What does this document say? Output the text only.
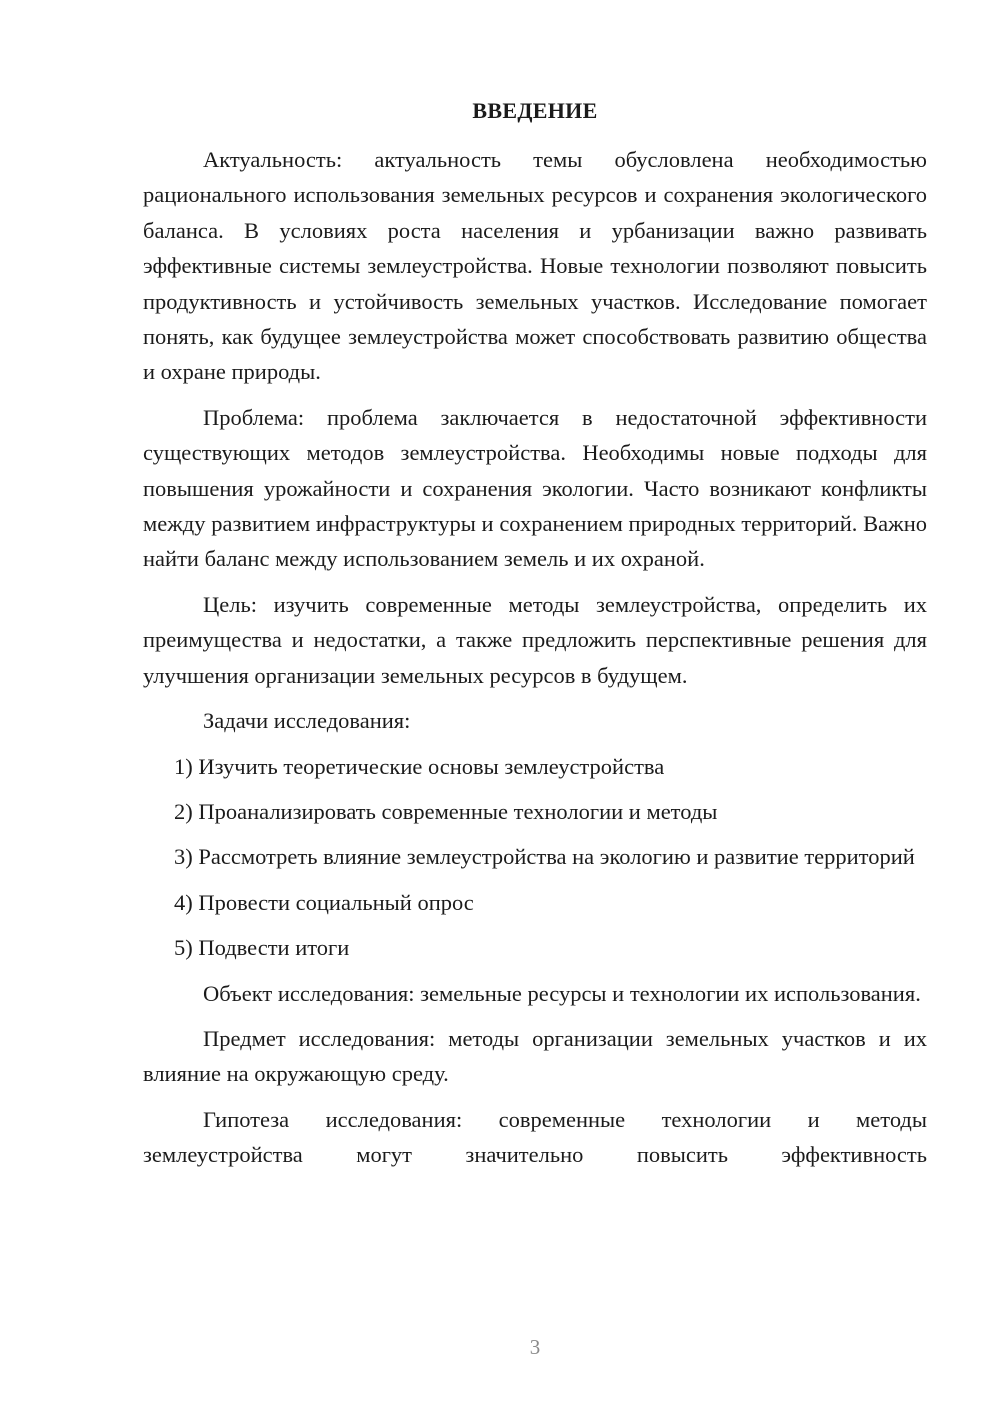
ВВЕДЕНИЕ

Актуальность: актуальность темы обусловлена необходимостью рационального использования земельных ресурсов и сохранения экологического баланса. В условиях роста населения и урбанизации важно развивать эффективные системы землеустройства. Новые технологии позволяют повысить продуктивность и устойчивость земельных участков. Исследование помогает понять, как будущее землеустройства может способствовать развитию общества и охране природы.

Проблема: проблема заключается в недостаточной эффективности существующих методов землеустройства. Необходимы новые подходы для повышения урожайности и сохранения экологии. Часто возникают конфликты между развитием инфраструктуры и сохранением природных территорий. Важно найти баланс между использованием земель и их охраной.

Цель: изучить современные методы землеустройства, определить их преимущества и недостатки, а также предложить перспективные решения для улучшения организации земельных ресурсов в будущем.

Задачи исследования:

1) Изучить теоретические основы землеустройства

2) Проанализировать современные технологии и методы

3) Рассмотреть влияние землеустройства на экологию и развитие территорий

4) Провести социальный опрос

5) Подвести итоги

Объект исследования: земельные ресурсы и технологии их использования.

Предмет исследования: методы организации земельных участков и их влияние на окружающую среду.

Гипотеза исследования: современные технологии и методы землеустройства могут значительно повысить эффективность

3
